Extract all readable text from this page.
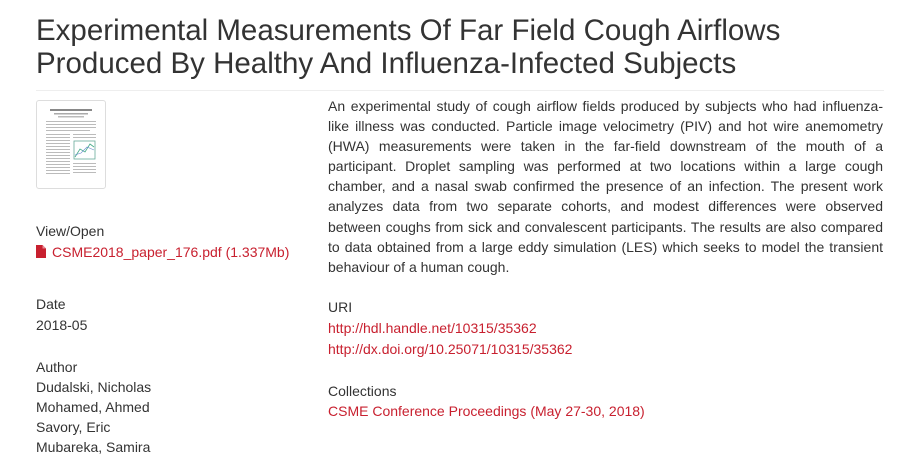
Experimental Measurements Of Far Field Cough Airflows
Produced By Healthy And Influenza-Infected Subjects
View/Open
CSME2018_paper_176.pdf (1.337Mb)
Date
2018-05
Author
Dudalski, Nicholas
Mohamed, Ahmed
Savory, Eric
Mubareka, Samira

An experimental study of cough airflow fields produced by subjects who had influenza-like illness was conducted. Particle image velocimetry (PIV) and hot wire anemometry (HWA) measurements were taken in the far-field downstream of the mouth of a participant. Droplet sampling was performed at two locations within a large cough chamber, and a nasal swab confirmed the presence of an infection. The present work analyzes data from two separate cohorts, and modest differences were observed between coughs from sick and convalescent participants. The results are also compared to data obtained from a large eddy simulation (LES) which seeks to model the transient behaviour of a human cough.

URI
http://hdl.handle.net/10315/35362
http://dx.doi.org/10.25071/10315/35362
Collections
CSME Conference Proceedings (May 27-30, 2018)
